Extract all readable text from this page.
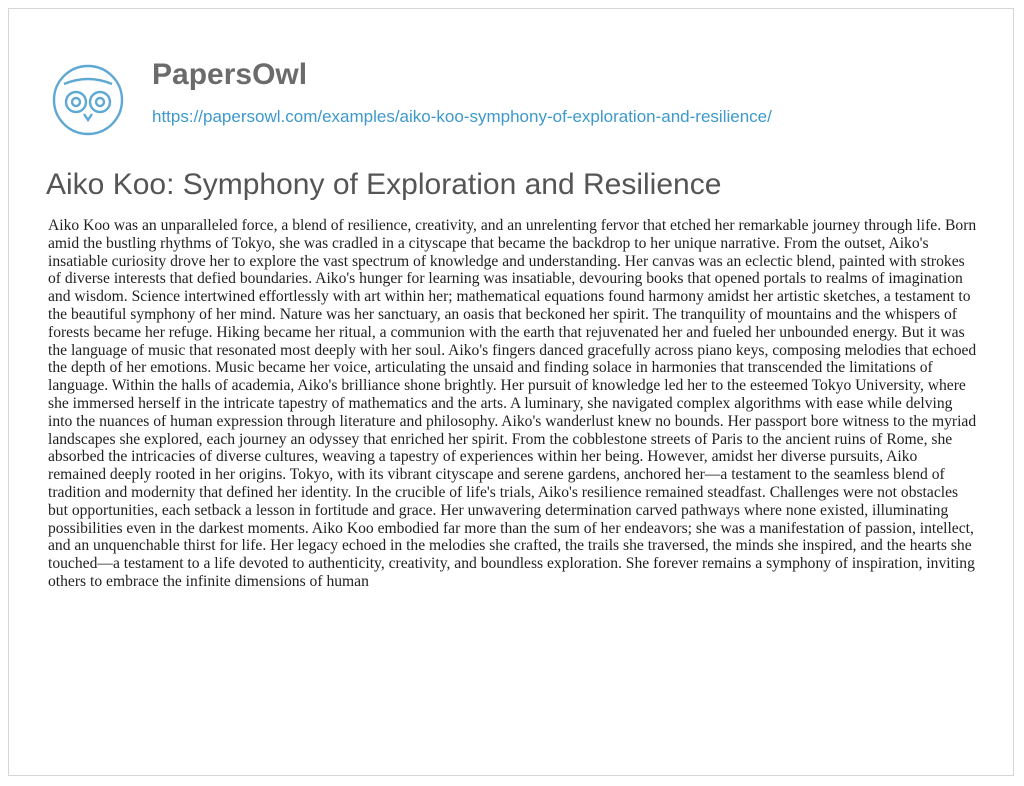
PapersOwl
https://papersowl.com/examples/aiko-koo-symphony-of-exploration-and-resilience/
Aiko Koo: Symphony of Exploration and Resilience

Aiko Koo was an unparalleled force, a blend of resilience, creativity, and an unrelenting fervor that etched her remarkable journey through life. Born amid the bustling rhythms of Tokyo, she was cradled in a cityscape that became the backdrop to her unique narrative. From the outset, Aiko's insatiable curiosity drove her to explore the vast spectrum of knowledge and understanding. Her canvas was an eclectic blend, painted with strokes of diverse interests that defied boundaries. Aiko's hunger for learning was insatiable, devouring books that opened portals to realms of imagination and wisdom. Science intertwined effortlessly with art within her; mathematical equations found harmony amidst her artistic sketches, a testament to the beautiful symphony of her mind. Nature was her sanctuary, an oasis that beckoned her spirit. The tranquility of mountains and the whispers of forests became her refuge. Hiking became her ritual, a communion with the earth that rejuvenated her and fueled her unbounded energy. But it was the language of music that resonated most deeply with her soul. Aiko's fingers danced gracefully across piano keys, composing melodies that echoed the depth of her emotions. Music became her voice, articulating the unsaid and finding solace in harmonies that transcended the limitations of language. Within the halls of academia, Aiko's brilliance shone brightly. Her pursuit of knowledge led her to the esteemed Tokyo University, where she immersed herself in the intricate tapestry of mathematics and the arts. A luminary, she navigated complex algorithms with ease while delving into the nuances of human expression through literature and philosophy. Aiko's wanderlust knew no bounds. Her passport bore witness to the myriad landscapes she explored, each journey an odyssey that enriched her spirit. From the cobblestone streets of Paris to the ancient ruins of Rome, she absorbed the intricacies of diverse cultures, weaving a tapestry of experiences within her being. However, amidst her diverse pursuits, Aiko remained deeply rooted in her origins. Tokyo, with its vibrant cityscape and serene gardens, anchored her—a testament to the seamless blend of tradition and modernity that defined her identity. In the crucible of life's trials, Aiko's resilience remained steadfast. Challenges were not obstacles but opportunities, each setback a lesson in fortitude and grace. Her unwavering determination carved pathways where none existed, illuminating possibilities even in the darkest moments. Aiko Koo embodied far more than the sum of her endeavors; she was a manifestation of passion, intellect, and an unquenchable thirst for life. Her legacy echoed in the melodies she crafted, the trails she traversed, the minds she inspired, and the hearts she touched—a testament to a life devoted to authenticity, creativity, and boundless exploration. She forever remains a symphony of inspiration, inviting others to embrace the infinite dimensions of human
